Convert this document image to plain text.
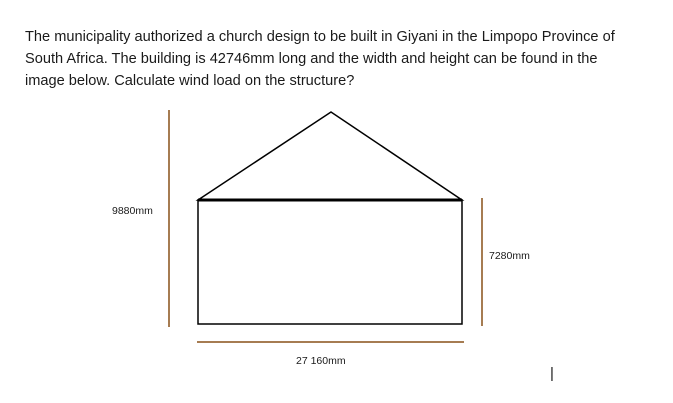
The municipality authorized a church design to be built in Giyani in the Limpopo Province of
South Africa. The building is 42746mm long and the width and height can be found in the
image below. Calculate wind load on the structure?

9880mm
7280mm
27 160mm
|
